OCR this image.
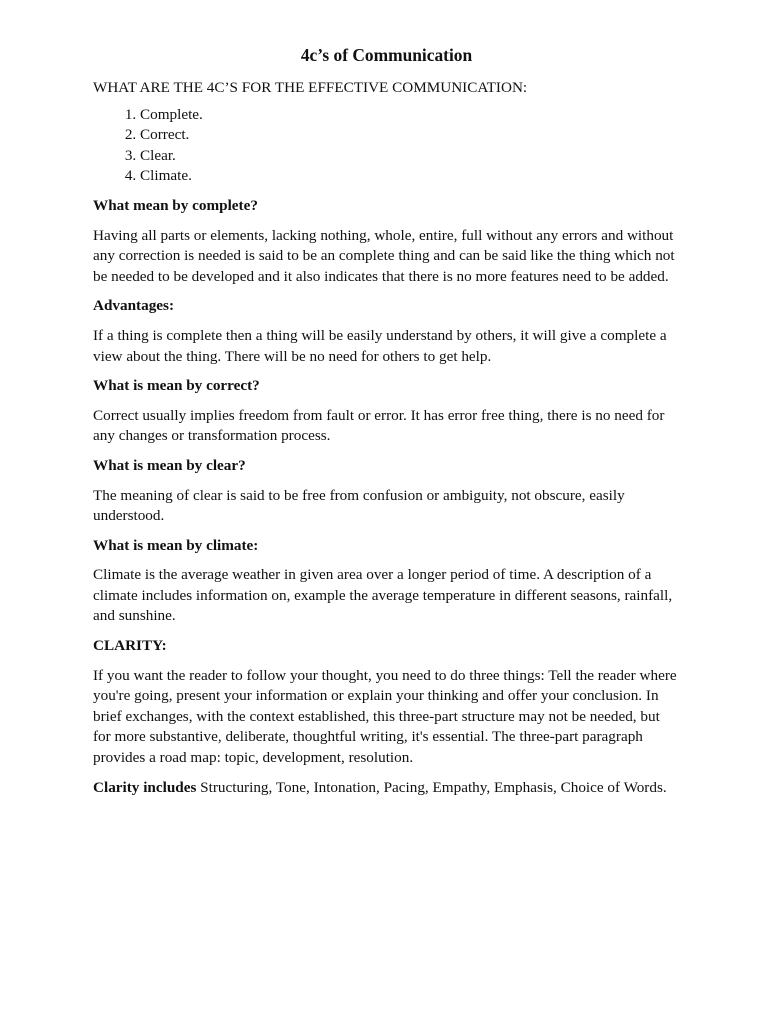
4c’s of Communication
WHAT ARE THE 4C’S FOR THE EFFECTIVE COMMUNICATION:
1. Complete.
2. Correct.
3. Clear.
4. Climate.
What mean by complete?
Having all parts or elements, lacking nothing, whole, entire, full without any errors and without any correction is needed is said to be an complete thing and can be said like the thing which not be needed to be developed and it also indicates that there is no more features need to be added.
Advantages:
If a thing is complete then a thing will be easily understand by others, it will give a complete a view about the thing. There will be no need for others to get help.
What is mean by correct?
Correct usually implies freedom from fault or error. It has error free thing, there is no need for any changes or transformation process.
What is mean by clear?
The meaning of clear is said to be free from confusion or ambiguity, not obscure, easily understood.
What is mean by climate:
Climate is the average weather in given area over a longer period of time. A description of a climate includes information on, example the average temperature in different seasons, rainfall, and sunshine.
CLARITY:
If you want the reader to follow your thought, you need to do three things: Tell the reader where you're going, present your information or explain your thinking and offer your conclusion. In brief exchanges, with the context established, this three-part structure may not be needed, but for more substantive, deliberate, thoughtful writing, it's essential. The three-part paragraph provides a road map: topic, development, resolution.
Clarity includes Structuring, Tone, Intonation, Pacing, Empathy, Emphasis, Choice of Words.
